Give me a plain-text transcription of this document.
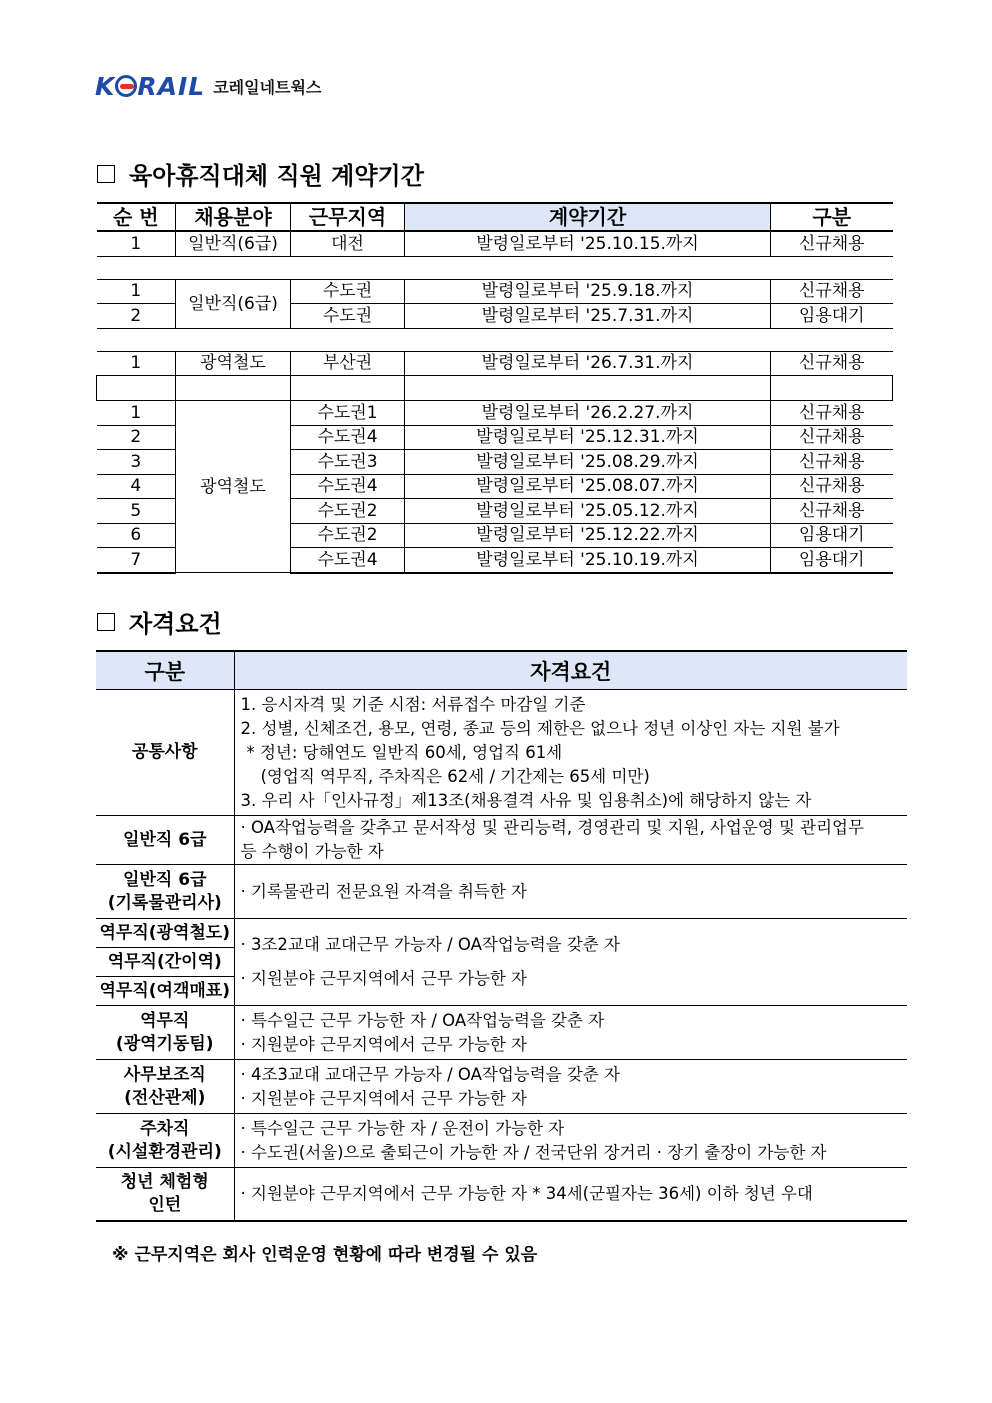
K RAIL 코레일네트웍스
육아휴직대체 직원 계약기간
순 번	채용분야	근무지역	계약기간	구분
1	일반직(6급)	대전	발령일로부터 '25.10.15.까지	신규채용

1	일반직(6급)	수도권	발령일로부터 '25.9.18.까지	신규채용
2		수도권	발령일로부터 '25.7.31.까지	임용대기

1	광역철도	부산권	발령일로부터 '26.7.31.까지	신규채용

1	광역철도	수도권1	발령일로부터 '26.2.27.까지	신규채용
2		수도권4	발령일로부터 '25.12.31.까지	신규채용
3		수도권3	발령일로부터 '25.08.29.까지	신규채용
4		수도권4	발령일로부터 '25.08.07.까지	신규채용
5		수도권2	발령일로부터 '25.05.12.까지	신규채용
6		수도권2	발령일로부터 '25.12.22.까지	임용대기
7		수도권4	발령일로부터 '25.10.19.까지	임용대기
자격요건
구분	자격요건
공통사항	1. 응시자격 및 기준 시점: 서류접수 마감일 기준
2. 성별, 신체조건, 용모, 연령, 종교 등의 제한은 없으나 정년 이상인 자는 지원 불가
* 정년: 당해연도 일반직 60세, 영업직 61세
(영업직 역무직, 주차직은 62세 / 기간제는 65세 미만)
3. 우리 사「인사규정」제13조(채용결격 사유 및 임용취소)에 해당하지 않는 자

일반직 6급	· OA작업능력을 갖추고 문서작성 및 관리능력, 경영관리 및 지원, 사업운영 및 관리업무
등 수행이 가능한 자

일반직 6급
(기록물관리사)	· 기록물관리 전문요원 자격을 취득한 자

역무직(광역철도)	· 3조2교대 교대근무 가능자 / OA작업능력을 갖춘 자
· 지원분야 근무지역에서 근무 가능한 자

역무직(간이역)	
역무직(여객매표)	

역무직
(광역기동팀)	· 특수일근 근무 가능한 자 / OA작업능력을 갖춘 자
· 지원분야 근무지역에서 근무 가능한 자

사무보조직
(전산관제)	· 4조3교대 교대근무 가능자 / OA작업능력을 갖춘 자
· 지원분야 근무지역에서 근무 가능한 자

주차직
(시설환경관리)	· 특수일근 근무 가능한 자 / 운전이 가능한 자
· 수도권(서울)으로 출퇴근이 가능한 자 / 전국단위 장거리 · 장기 출장이 가능한 자

청년 체험형
인턴	· 지원분야 근무지역에서 근무 가능한 자 * 34세(군필자는 36세) 이하 청년 우대
※ 근무지역은 회사 인력운영 현황에 따라 변경될 수 있음
